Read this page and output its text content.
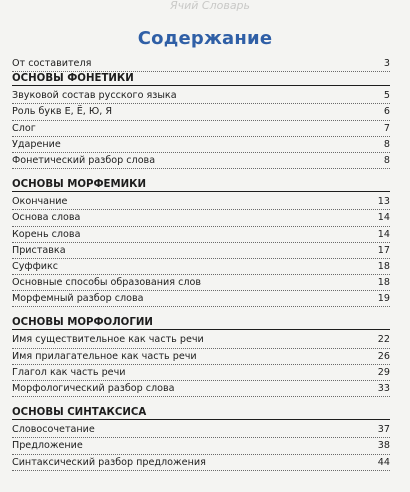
Ячий Словарь
Содержание
От составителя	3
ОСНОВЫ ФОНЕТИКИ
Звуковой состав русского языка	5
Роль букв Е, Ё, Ю, Я	6
Слог	7
Ударение	8
Фонетический разбор слова	8
ОСНОВЫ МОРФЕМИКИ
Окончание	13
Основа слова	14
Корень слова	14
Приставка	17
Суффикс	18
Основные способы образования слов	18
Морфемный разбор слова	19
ОСНОВЫ МОРФОЛОГИИ
Имя существительное как часть речи	22
Имя прилагательное как часть речи	26
Глагол как часть речи	29
Морфологический разбор слова	33
ОСНОВЫ СИНТАКСИСА
Словосочетание	37
Предложение	38
Синтаксический разбор предложения	44
